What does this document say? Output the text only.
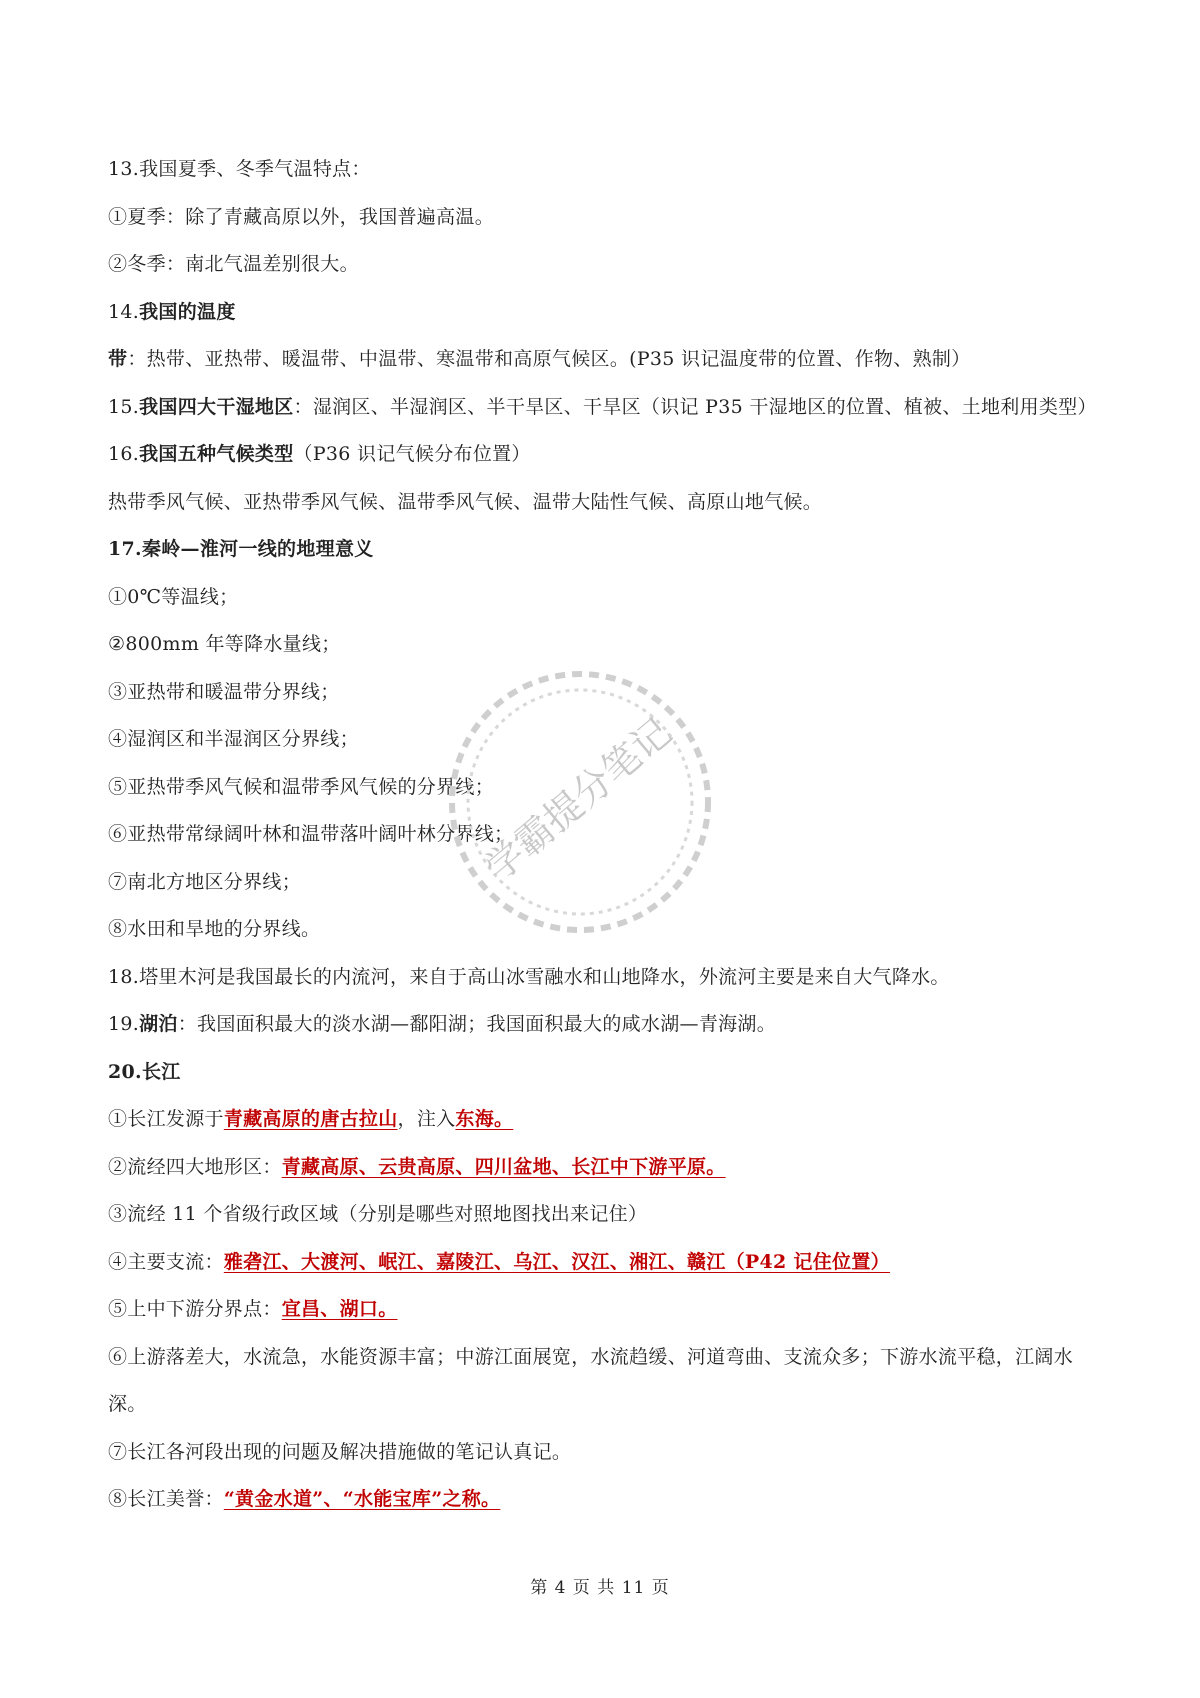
13.我国夏季、冬季气温特点：
①夏季：除了青藏高原以外，我国普遍高温。
②冬季：南北气温差别很大。
14.我国的温度带：热带、亚热带、暖温带、中温带、寒温带和高原气候区。(P35 识记温度带的位置、作物、熟制）
15.我国四大干湿地区：湿润区、半湿润区、半干旱区、干旱区（识记 P35 干湿地区的位置、植被、土地利用类型）
16.我国五种气候类型（P36 识记气候分布位置）
热带季风气候、亚热带季风气候、温带季风气候、温带大陆性气候、高原山地气候。
17.秦岭—淮河一线的地理意义
①0℃等温线；
②800mm 年等降水量线；
③亚热带和暖温带分界线；
④湿润区和半湿润区分界线；
⑤亚热带季风气候和温带季风气候的分界线；
⑥亚热带常绿阔叶林和温带落叶阔叶林分界线；
⑦南北方地区分界线；
⑧水田和旱地的分界线。
18.塔里木河是我国最长的内流河，来自于高山冰雪融水和山地降水，外流河主要是来自大气降水。
19.湖泊：我国面积最大的淡水湖—鄱阳湖；我国面积最大的咸水湖—青海湖。
20.长江
①长江发源于青藏高原的唐古拉山，注入东海。
②流经四大地形区：青藏高原、云贵高原、四川盆地、长江中下游平原。
③流经 11 个省级行政区域（分别是哪些对照地图找出来记住）
④主要支流：雅砻江、大渡河、岷江、嘉陵江、乌江、汉江、湘江、赣江（P42 记住位置）
⑤上中下游分界点：宜昌、湖口。
⑥上游落差大，水流急，水能资源丰富；中游江面展宽，水流趋缓、河道弯曲、支流众多；下游水流平稳，江阔水深。
⑦长江各河段出现的问题及解决措施做的笔记认真记。
⑧长江美誉：“黄金水道”、“水能宝库”之称。
学霸提分笔记
第 4 页 共 11 页
